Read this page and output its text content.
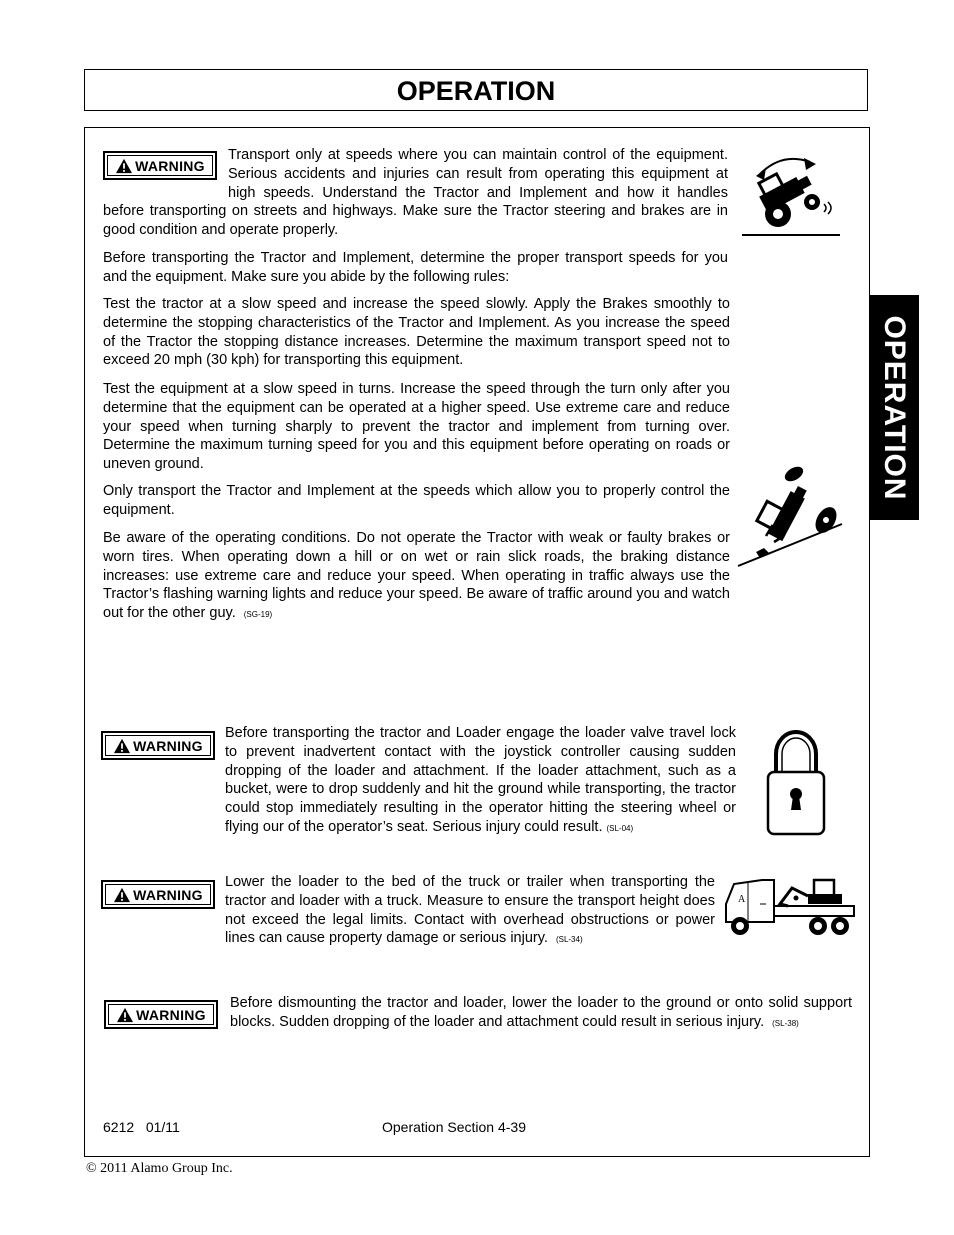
OPERATION
OPERATION
WARNING

Transport only at speeds where you can maintain control of the equipment. Serious accidents and injuries can result from operating this equipment at high speeds. Understand the Tractor and Implement and how it handles before transporting on streets and highways. Make sure the Tractor steering and brakes are in good condition and operate properly.

Before transporting the Tractor and Implement, determine the proper transport speeds for you and the equipment. Make sure you abide by the following rules:

Test the tractor at a slow speed and increase the speed slowly. Apply the Brakes smoothly to determine the stopping characteristics of the Tractor and Implement. As you increase the speed of the Tractor the stopping distance increases. Determine the maximum transport speed not to exceed 20 mph (30 kph) for transporting this equipment.

Test the equipment at a slow speed in turns. Increase the speed through the turn only after you determine that the equipment can be operated at a higher speed. Use extreme care and reduce your speed when turning sharply to prevent the tractor and implement from turning over. Determine the maximum turning speed for you and this equipment before operating on roads or uneven ground.

Only transport the Tractor and Implement at the speeds which allow you to properly control the equipment.

Be aware of the operating conditions. Do not operate the Tractor with weak or faulty brakes or worn tires. When operating down a hill or on wet or rain slick roads, the braking distance increases: use extreme care and reduce your speed. When operating in traffic always use the Tractor’s flashing warning lights and reduce your speed. Be aware of traffic around you and watch out for the other guy. (SG-19)

WARNING

Before transporting the tractor and Loader engage the loader valve travel lock to prevent inadvertent contact with the joystick controller causing sudden dropping of the loader and attachment. If the loader attachment, such as a bucket, were to drop suddenly and hit the ground while transporting, the tractor could stop immediately resulting in the operator hitting the steering wheel or flying our of the operator’s seat. Serious injury could result. (SL-04)

WARNING

Lower the loader to the bed of the truck or trailer when transporting the tractor and loader with a truck. Measure to ensure the transport height does not exceed the legal limits. Contact with overhead obstructions or power lines can cause property damage or serious injury. (SL-34)

A
WARNING

Before dismounting the tractor and loader, lower the loader to the ground or onto solid support blocks. Sudden dropping of the loader and attachment could result in serious injury. (SL-38)

6212   01/11	Operation Section 4-39
© 2011 Alamo Group Inc.
